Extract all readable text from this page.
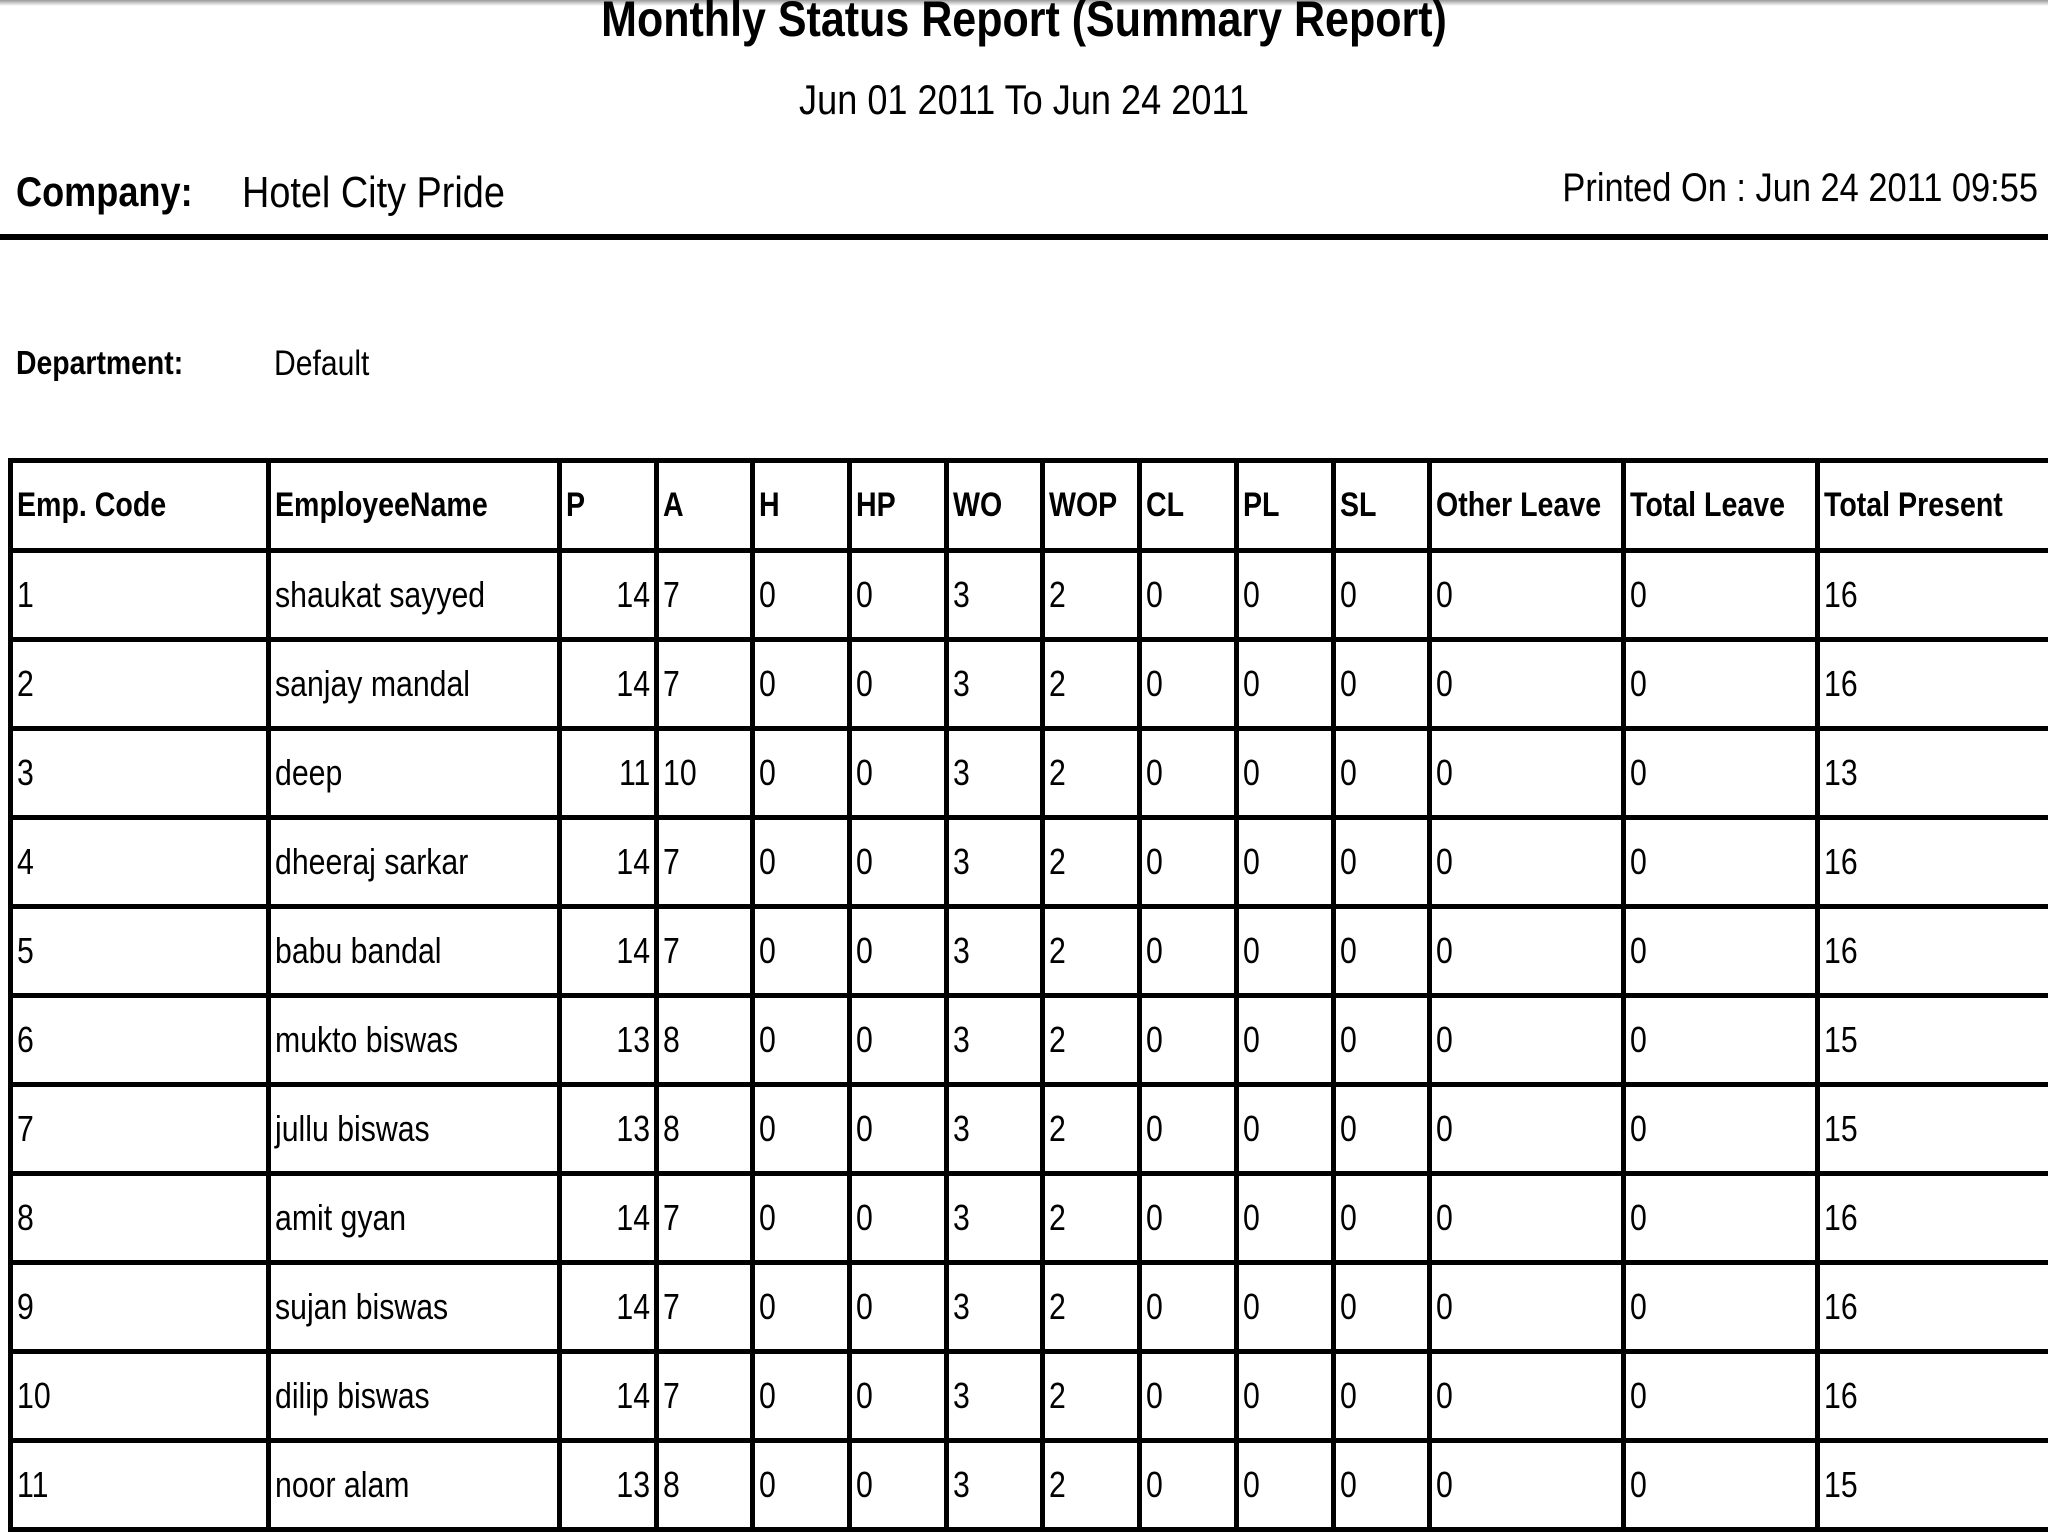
Monthly Status Report (Summary Report)
Jun 01 2011 To Jun 24 2011
Company: Hotel City Pride	Printed On : Jun 24 2011 09:55
Department:	Default
Emp. Code	EmployeeName	P	A	H	HP	WO	WOP	CL	PL	SL	Other Leave	Total Leave	Total Present
1	shaukat sayyed	14	7	0	0	3	2	0	0	0	0	0	16
2	sanjay mandal	14	7	0	0	3	2	0	0	0	0	0	16
3	deep	11	10	0	0	3	2	0	0	0	0	0	13
4	dheeraj sarkar	14	7	0	0	3	2	0	0	0	0	0	16
5	babu bandal	14	7	0	0	3	2	0	0	0	0	0	16
6	mukto biswas	13	8	0	0	3	2	0	0	0	0	0	15
7	jullu biswas	13	8	0	0	3	2	0	0	0	0	0	15
8	amit gyan	14	7	0	0	3	2	0	0	0	0	0	16
9	sujan biswas	14	7	0	0	3	2	0	0	0	0	0	16
10	dilip biswas	14	7	0	0	3	2	0	0	0	0	0	16
11	noor alam	13	8	0	0	3	2	0	0	0	0	0	15
